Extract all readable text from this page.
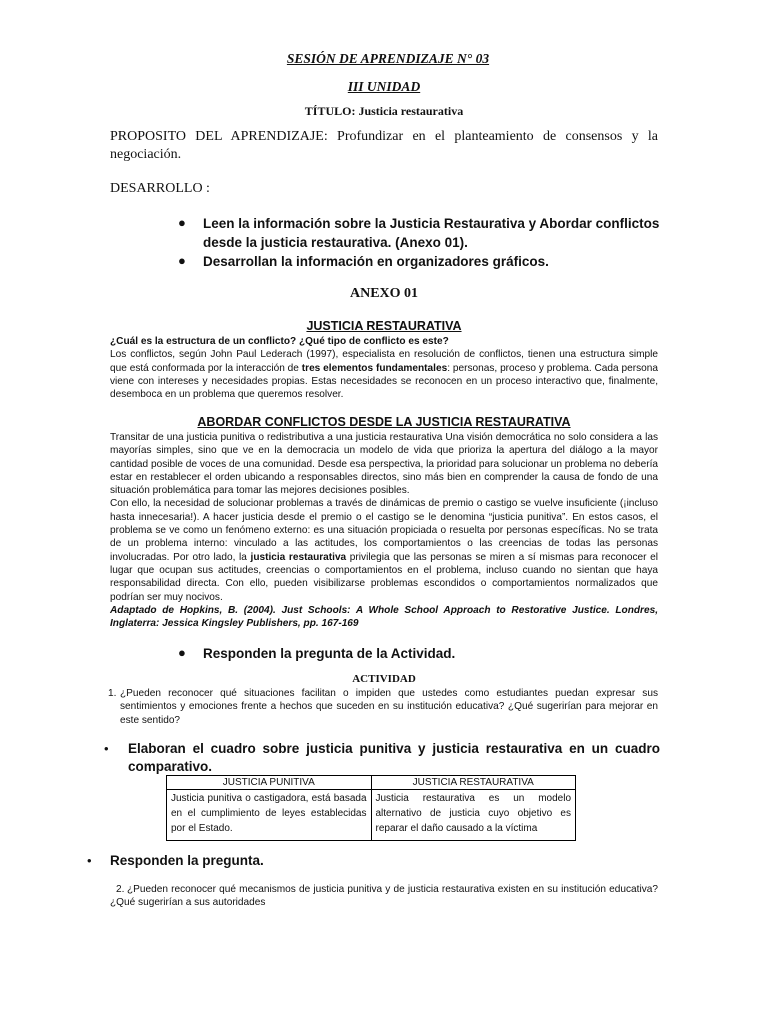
SESIÓN DE APRENDIZAJE N° 03
III UNIDAD
TÍTULO: Justicia restaurativa
PROPOSITO DEL APRENDIZAJE: Profundizar en el planteamiento de consensos y la negociación.
DESARROLLO :
● Leen la información sobre la Justicia Restaurativa y Abordar conflictos desde la justicia restaurativa. (Anexo 01).
● Desarrollan la información en organizadores gráficos.
ANEXO 01
JUSTICIA RESTAURATIVA
¿Cuál es la estructura de un conflicto? ¿Qué tipo de conflicto es este?
Los conflictos, según John Paul Lederach (1997), especialista en resolución de conflictos, tienen una estructura simple que está conformada por la interacción de tres elementos fundamentales: personas, proceso y problema. Cada persona viene con intereses y necesidades propias. Estas necesidades se reconocen en un proceso interactivo que, finalmente, desemboca en un problema que queremos resolver.
ABORDAR CONFLICTOS DESDE LA JUSTICIA RESTAURATIVA
Transitar de una justicia punitiva o redistributiva a una justicia restaurativa Una visión democrática no solo considera a las mayorías simples, sino que ve en la democracia un modelo de vida que prioriza la apertura del diálogo a la mayor cantidad posible de voces de una comunidad. Desde esa perspectiva, la prioridad para solucionar un problema no debería estar en restablecer el orden ubicando a responsables directos, sino más bien en comprender la causa de fondo de una situación problemática para tomar las mejores decisiones posibles.
Con ello, la necesidad de solucionar problemas a través de dinámicas de premio o castigo se vuelve insuficiente (¡incluso hasta innecesaria!). A hacer justicia desde el premio o el castigo se le denomina “justicia punitiva”. En estos casos, el problema se ve como un fenómeno externo: es una situación propiciada o resuelta por personas específicas. No se trata de un problema interno: vinculado a las actitudes, los comportamientos o las creencias de todas las personas involucradas. Por otro lado, la justicia restaurativa privilegia que las personas se miren a sí mismas para reconocer el lugar que ocupan sus actitudes, creencias o comportamientos en el problema, incluso cuando no sientan que haya responsabilidad directa. Con ello, pueden visibilizarse problemas escondidos o comportamientos normalizados que podrían ser muy nocivos.
Adaptado de Hopkins, B. (2004). Just Schools: A Whole School Approach to Restorative Justice. Londres, Inglaterra: Jessica Kingsley Publishers, pp. 167-169
● Responden la pregunta de la Actividad.
ACTIVIDAD
1. ¿Pueden reconocer qué situaciones facilitan o impiden que ustedes como estudiantes puedan expresar sus sentimientos y emociones frente a hechos que suceden en su institución educativa? ¿Qué sugerirían para mejorar en este sentido?
• Elaboran el cuadro sobre justicia punitiva y justicia restaurativa en un cuadro comparativo.
JUSTICIA PUNITIVA	JUSTICIA RESTAURATIVA
Justicia punitiva o castigadora, está basada en el cumplimiento de leyes establecidas por el Estado.	Justicia restaurativa es un modelo alternativo de justicia cuyo objetivo es reparar el daño causado a la víctima
• Responden la pregunta.
2. ¿Pueden reconocer qué mecanismos de justicia punitiva y de justicia restaurativa existen en su institución educativa? ¿Qué sugerirían a sus autoridades
